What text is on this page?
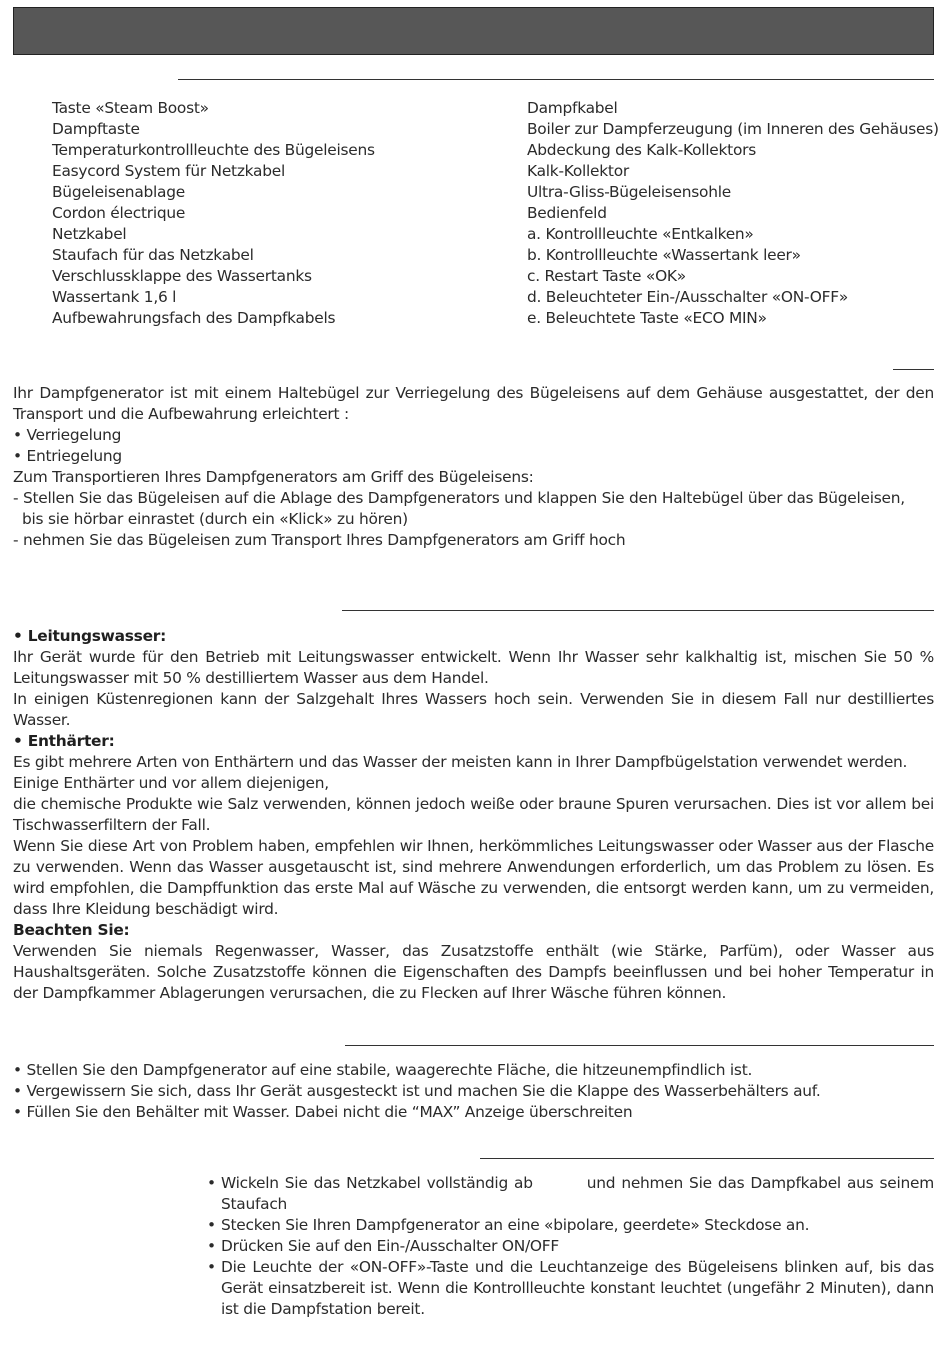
Taste «Steam Boost»
Dampftaste
Temperaturkontrollleuchte des Bügeleisens
Easycord System für Netzkabel
Bügeleisenablage
Cordon électrique
Netzkabel
Staufach für das Netzkabel
Verschlussklappe des Wassertanks
Wassertank 1,6 l
Aufbewahrungsfach des Dampfkabels
Dampfkabel
Boiler zur Dampferzeugung (im Inneren des Gehäuses)
Abdeckung des Kalk-Kollektors
Kalk-Kollektor
Ultra-Gliss-Bügeleisensohle
Bedienfeld
a. Kontrollleuchte «Entkalken»
b. Kontrollleuchte «Wassertank leer»
c. Restart Taste «OK»
d. Beleuchteter Ein-/Ausschalter «ON-OFF»
e. Beleuchtete Taste «ECO MIN»

Ihr Dampfgenerator ist mit einem Haltebügel zur Verriegelung des Bügeleisens auf dem Gehäuse ausgestattet, der den Transport und die Aufbewahrung erleichtert :

• Verriegelung

• Entriegelung

Zum Transportieren Ihres Dampfgenerators am Griff des Bügeleisens:

- Stellen Sie das Bügeleisen auf die Ablage des Dampfgenerators und klappen Sie den Haltebügel über das Bügeleisen,

bis sie hörbar einrastet (durch ein «Klick» zu hören)

- nehmen Sie das Bügeleisen zum Transport Ihres Dampfgenerators am Griff hoch

• Leitungswasser:

Ihr Gerät wurde für den Betrieb mit Leitungswasser entwickelt. Wenn Ihr Wasser sehr kalkhaltig ist, mischen Sie 50 % Leitungswasser mit 50 % destilliertem Wasser aus dem Handel.

In einigen Küstenregionen kann der Salzgehalt Ihres Wassers hoch sein. Verwenden Sie in diesem Fall nur destilliertes Wasser.

• Enthärter:

Es gibt mehrere Arten von Enthärtern und das Wasser der meisten kann in Ihrer Dampfbügelstation verwendet werden.

Einige Enthärter und vor allem diejenigen,

die chemische Produkte wie Salz verwenden, können jedoch weiße oder braune Spuren verursachen. Dies ist vor allem bei Tischwasserfiltern der Fall.

Wenn Sie diese Art von Problem haben, empfehlen wir Ihnen, herkömmliches Leitungswasser oder Wasser aus der Flasche zu verwenden. Wenn das Wasser ausgetauscht ist, sind mehrere Anwendungen erforderlich, um das Problem zu lösen. Es wird empfohlen, die Dampffunktion das erste Mal auf Wäsche zu verwenden, die entsorgt werden kann, um zu vermeiden, dass Ihre Kleidung beschädigt wird.

Beachten Sie:

Verwenden Sie niemals Regenwasser, Wasser, das Zusatzstoffe enthält (wie Stärke, Parfüm), oder Wasser aus Haushaltsgeräten. Solche Zusatzstoffe können die Eigenschaften des Dampfs beeinflussen und bei hoher Temperatur in der Dampfkammer Ablagerungen verursachen, die zu Flecken auf Ihrer Wäsche führen können.

• Stellen Sie den Dampfgenerator auf eine stabile, waagerechte Fläche, die hitzeunempfindlich ist.

• Vergewissern Sie sich, dass Ihr Gerät ausgesteckt ist und machen Sie die Klappe des Wasserbehälters auf.

• Füllen Sie den Behälter mit Wasser. Dabei nicht die “MAX” Anzeige überschreiten

• Wickeln Sie das Netzkabel vollständig ab	und nehmen Sie das Dampfkabel aus seinem Staufach
• Stecken Sie Ihren Dampfgenerator an eine «bipolare, geerdete» Steckdose an.
• Drücken Sie auf den Ein-/Ausschalter ON/OFF
• Die Leuchte der «ON-OFF»-Taste und die Leuchtanzeige des Bügeleisens blinken auf, bis das Gerät einsatzbereit ist. Wenn die Kontrollleuchte konstant leuchtet (ungefähr 2 Minuten), dann ist die Dampfstation bereit.
